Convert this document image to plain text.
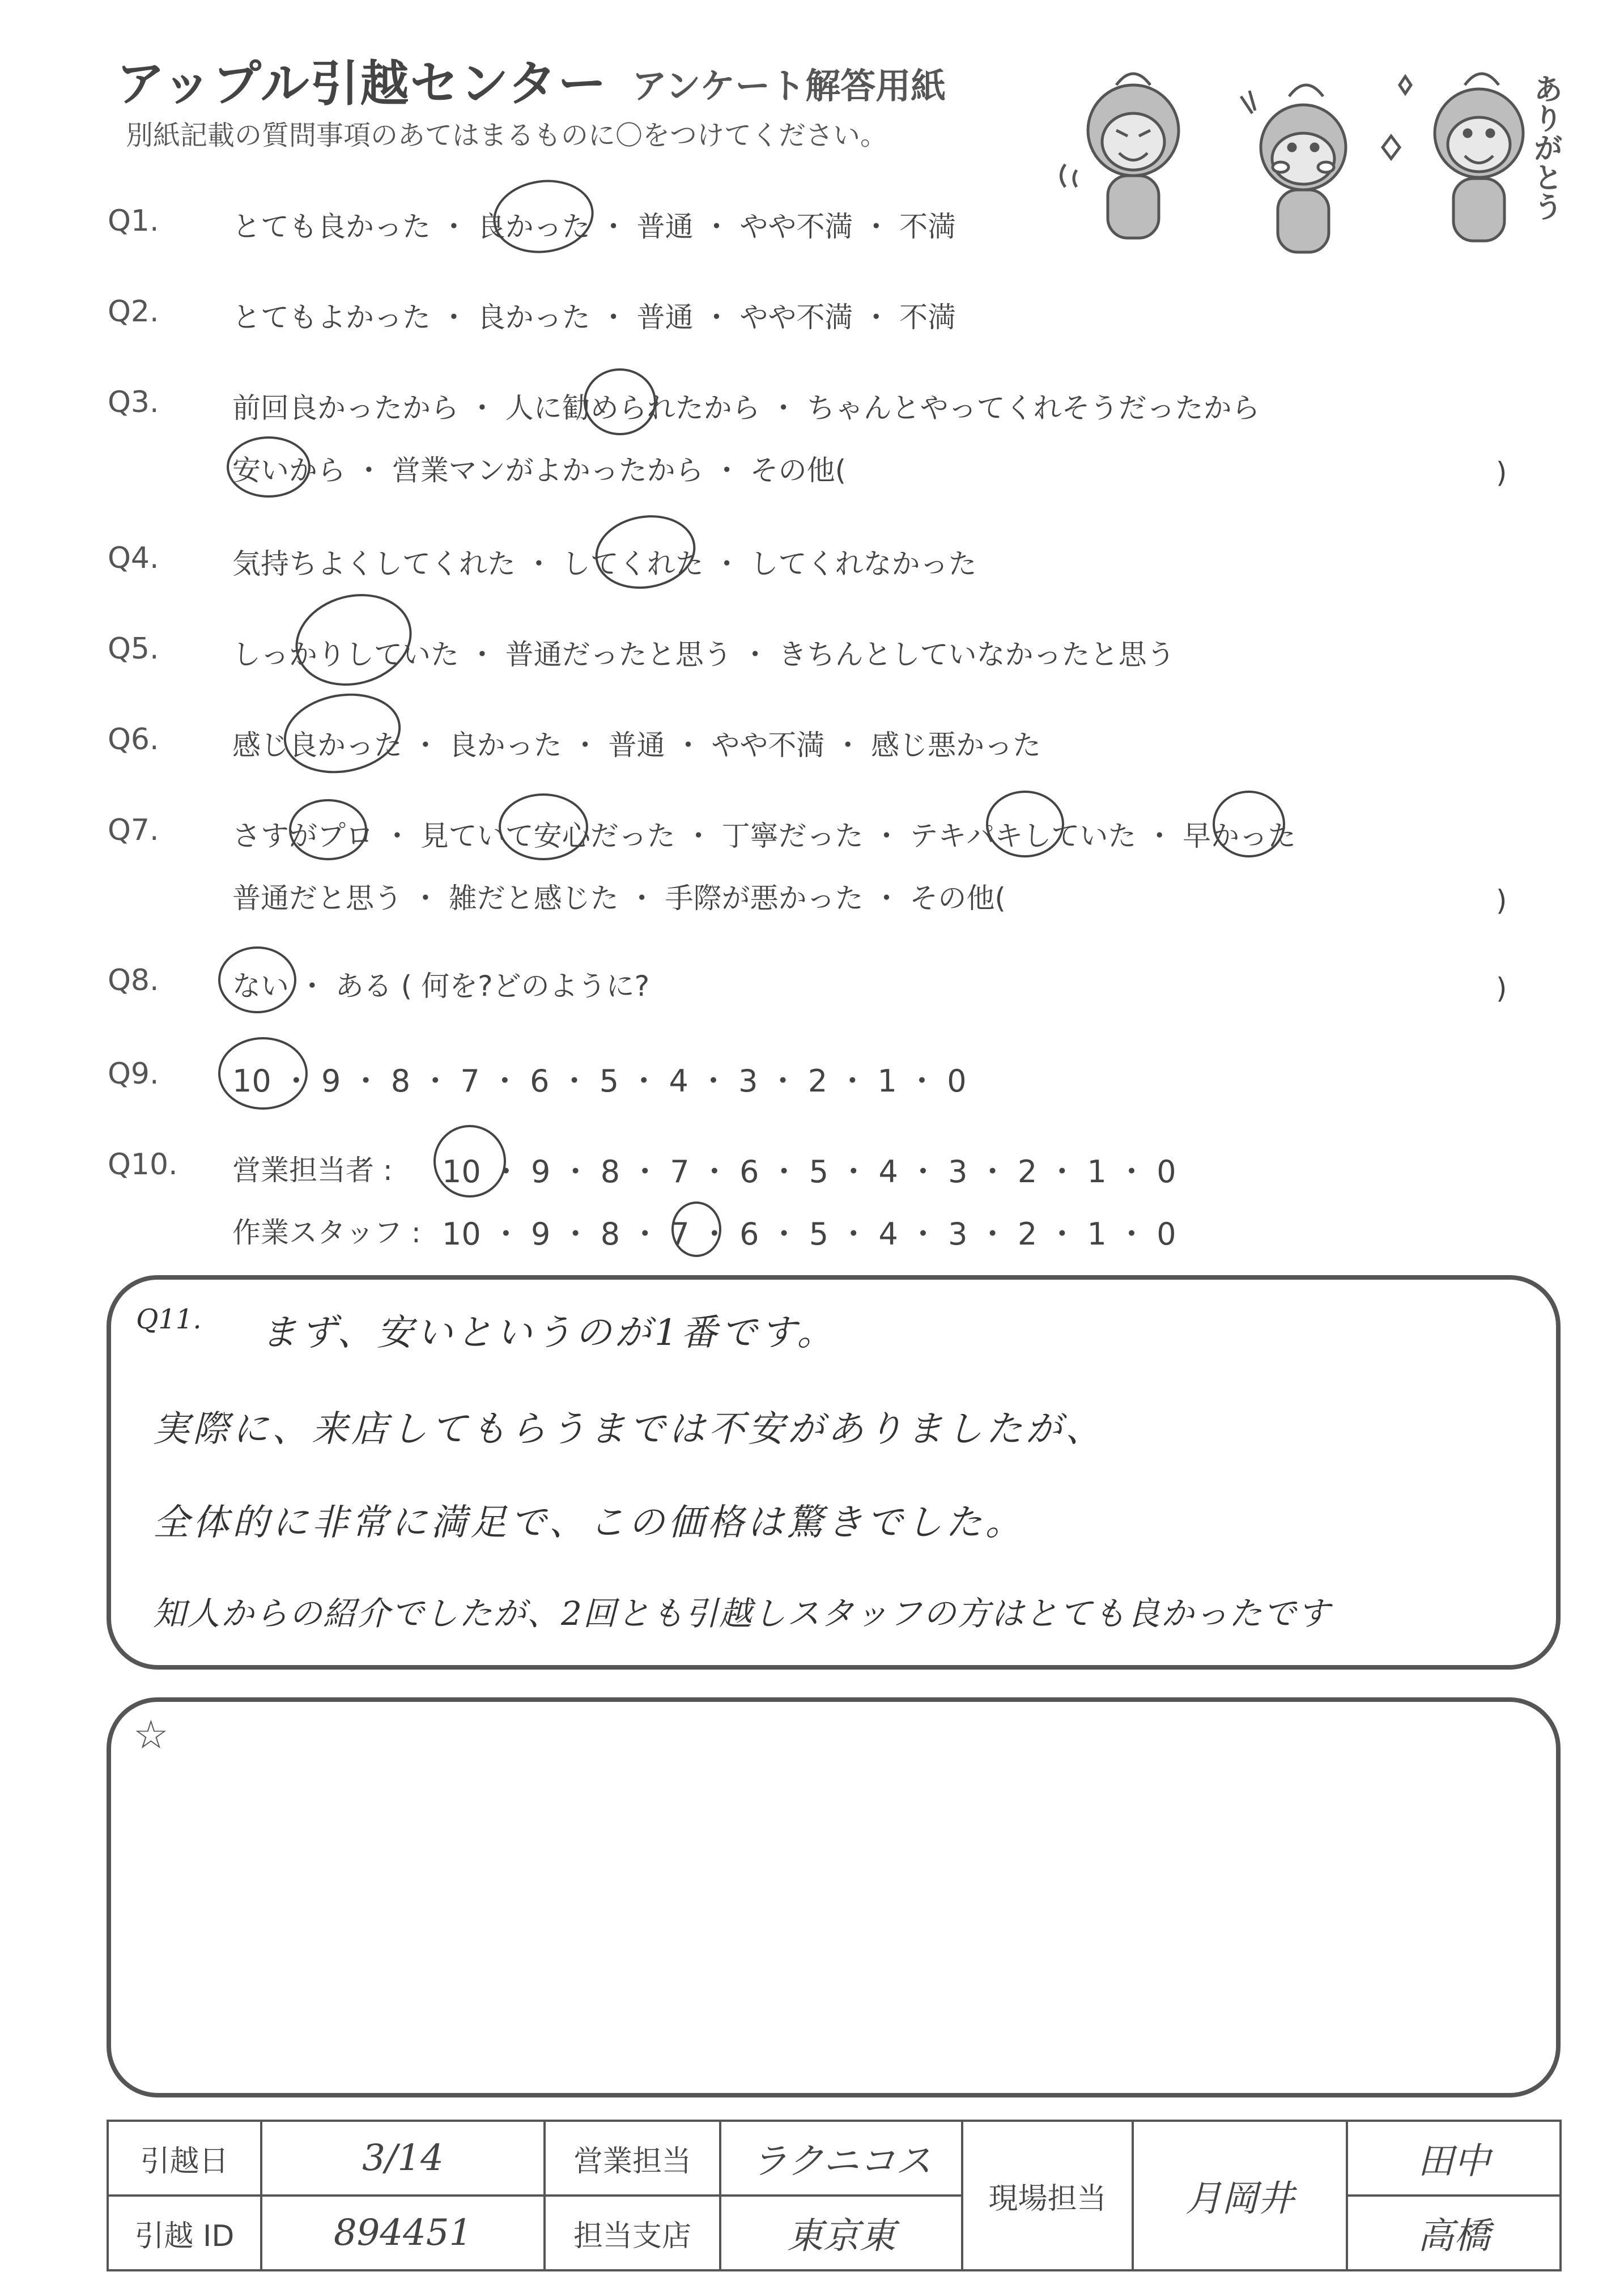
アップル引越センター アンケート解答用紙
別紙記載の質問事項のあてはまるものに〇をつけてください。	ありがとう
Q1.	とても良かった ・ 良かった ・ 普通 ・ やや不満 ・ 不満
Q2.	とてもよかった ・ 良かった ・ 普通 ・ やや不満 ・ 不満
Q3.	前回良かったから ・ 人に勧められたから ・ ちゃんとやってくれそうだったから
安いから ・ 営業マンがよかったから ・ その他(	)
Q4.	気持ちよくしてくれた ・ してくれた ・ してくれなかった
Q5.	しっかりしていた ・ 普通だったと思う ・ きちんとしていなかったと思う
Q6.	感じ良かった ・ 良かった ・ 普通 ・ やや不満 ・ 感じ悪かった
Q7.	さすがプロ ・ 見ていて安心だった ・ 丁寧だった ・ テキパキしていた ・ 早かった
普通だと思う ・ 雑だと感じた ・ 手際が悪かった ・ その他(	)
Q8.	ない ・ ある ( 何を?どのように?	)
Q9. 10 ・ 9 ・ 8 ・ 7 ・ 6 ・ 5 ・ 4 ・ 3 ・ 2 ・ 1 ・ 0
Q10. 営業担当者 : 10 ・ 9 ・ 8 ・ 7 ・ 6 ・ 5 ・ 4 ・ 3 ・ 2 ・ 1 ・ 0
作業スタッフ : 10 ・ 9 ・ 8 ・ 7 ・ 6 ・ 5 ・ 4 ・ 3 ・ 2 ・ 1 ・ 0
Q11. まず、安いというのが1番です。
実際に、来店してもらうまでは不安がありましたが、
全体的に非常に満足で、この価格は驚きでした。
知人からの紹介でしたが、2回とも引越しスタッフの方はとても良かったです
☆
引越日	3/14	営業担当	ラクニコス	現場担当	月岡井	田中
引越 ID	894451	担当支店	東京東			高橋
